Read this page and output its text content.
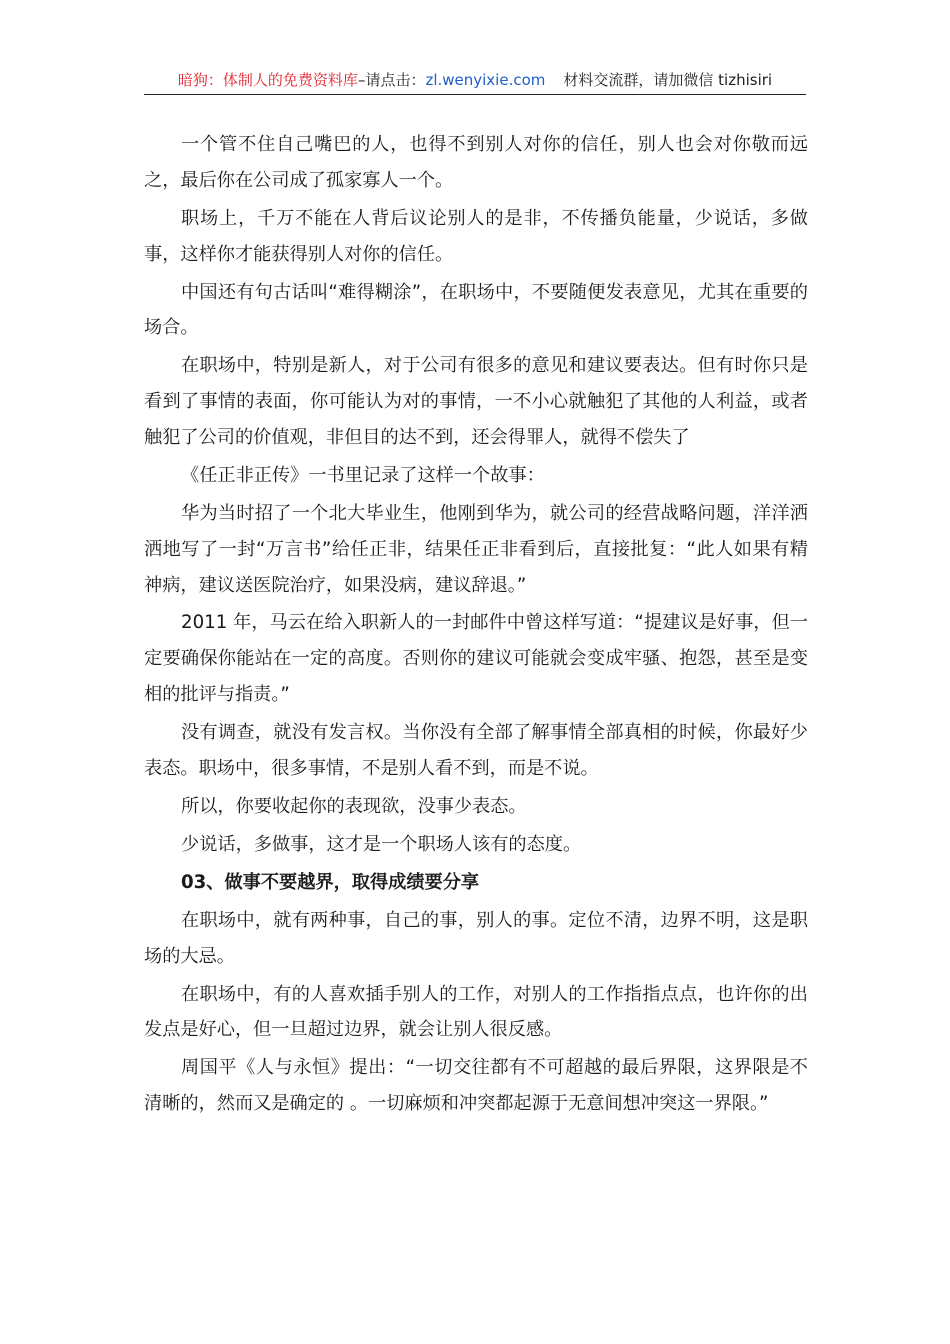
暗狗：体制人的免费资料库–请点击：zl.wenyixie.com 材料交流群，请加微信 tizhisiri

一个管不住自己嘴巴的人，也得不到别人对你的信任，别人也会对你敬而远之，最后你在公司成了孤家寡人一个。

职场上，千万不能在人背后议论别人的是非，不传播负能量，少说话，多做事，这样你才能获得别人对你的信任。

中国还有句古话叫“难得糊涂”，在职场中，不要随便发表意见，尤其在重要的场合。

在职场中，特别是新人，对于公司有很多的意见和建议要表达。但有时你只是看到了事情的表面，你可能认为对的事情，一不小心就触犯了其他的人利益，或者触犯了公司的价值观，非但目的达不到，还会得罪人，就得不偿失了

《任正非正传》一书里记录了这样一个故事：

华为当时招了一个北大毕业生，他刚到华为，就公司的经营战略问题，洋洋洒洒地写了一封“万言书”给任正非，结果任正非看到后，直接批复：“此人如果有精神病，建议送医院治疗，如果没病，建议辞退。”

2011 年，马云在给入职新人的一封邮件中曾这样写道：“提建议是好事，但一定要确保你能站在一定的高度。否则你的建议可能就会变成牢骚、抱怨，甚至是变相的批评与指责。”

没有调查，就没有发言权。当你没有全部了解事情全部真相的时候，你最好少表态。职场中，很多事情，不是别人看不到，而是不说。

所以，你要收起你的表现欲，没事少表态。

少说话，多做事，这才是一个职场人该有的态度。

03、做事不要越界，取得成绩要分享

在职场中，就有两种事，自己的事，别人的事。定位不清，边界不明，这是职场的大忌。

在职场中，有的人喜欢插手别人的工作，对别人的工作指指点点，也许你的出发点是好心，但一旦超过边界，就会让别人很反感。

周国平《人与永恒》提出：“一切交往都有不可超越的最后界限，这界限是不清晰的，然而又是确定的 。一切麻烦和冲突都起源于无意间想冲突这一界限。”
